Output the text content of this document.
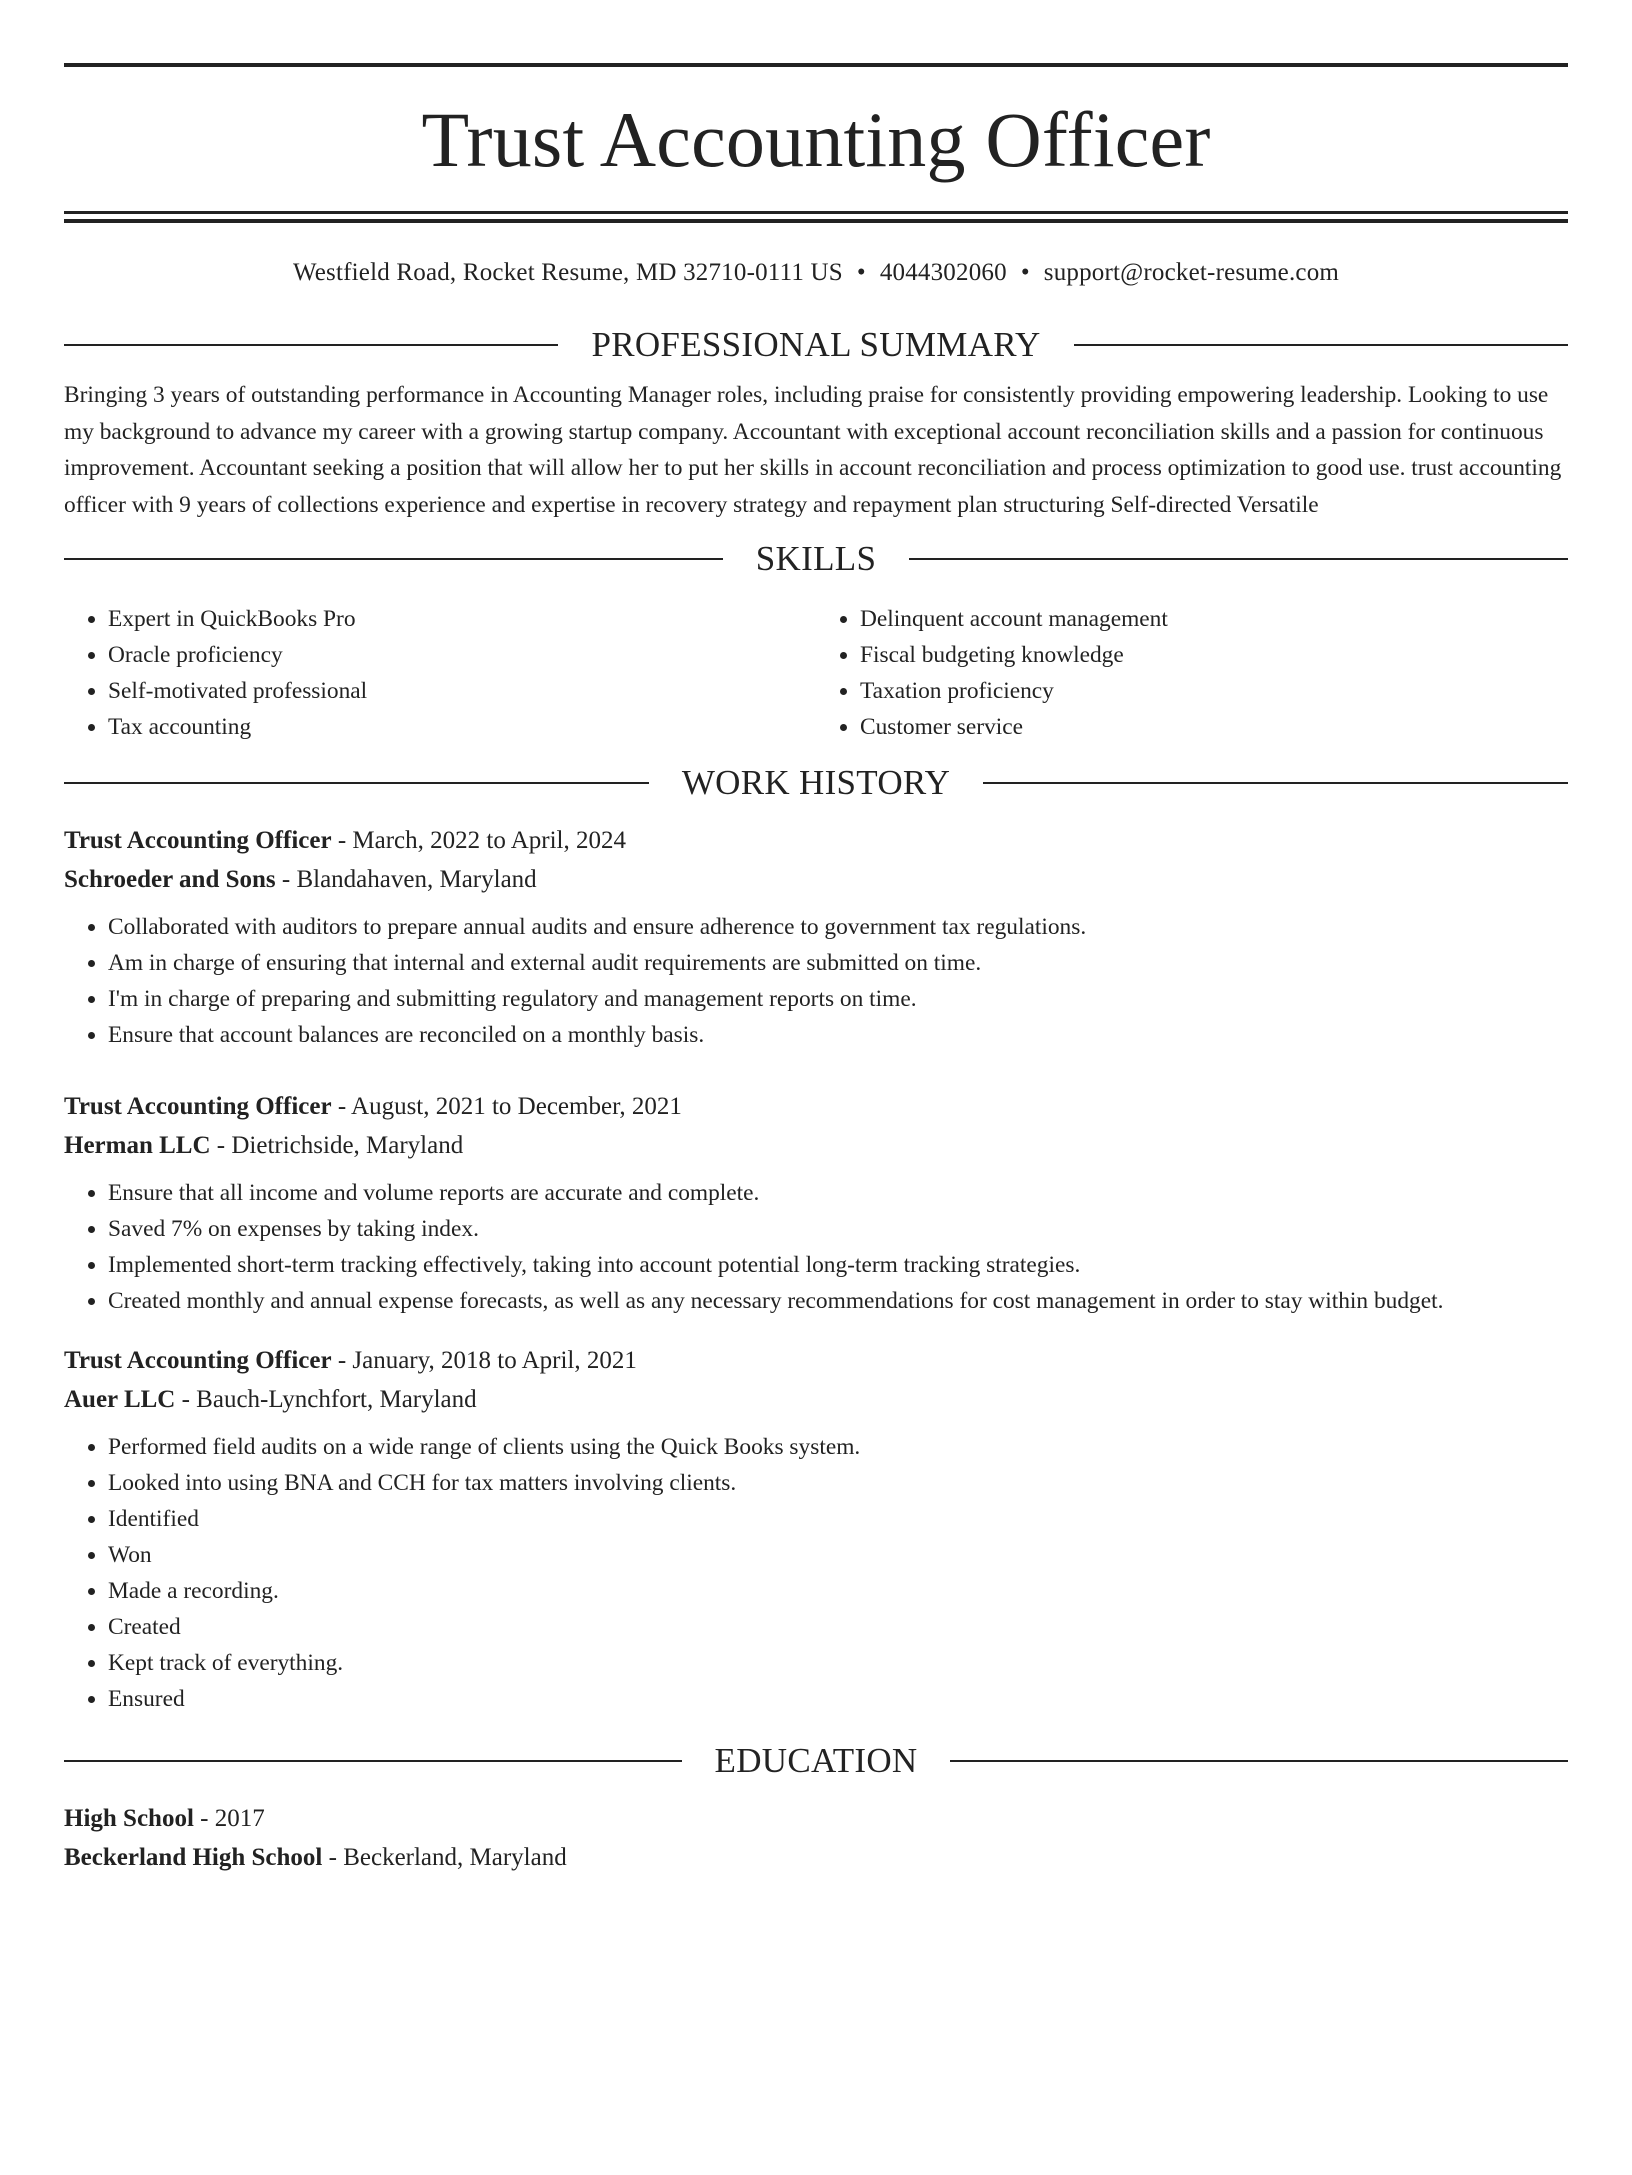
Trust Accounting Officer
Westfield Road, Rocket Resume, MD 32710-0111 US • 4044302060 • support@rocket-resume.com
PROFESSIONAL SUMMARY

Bringing 3 years of outstanding performance in Accounting Manager roles, including praise for consistently providing empowering leadership. Looking to use my background to advance my career with a growing startup company. Accountant with exceptional account reconciliation skills and a passion for continuous improvement. Accountant seeking a position that will allow her to put her skills in account reconciliation and process optimization to good use. trust accounting officer with 9 years of collections experience and expertise in recovery strategy and repayment plan structuring Self-directed Versatile

SKILLS
• Expert in QuickBooks Pro
• Oracle proficiency
• Self-motivated professional
• Tax accounting
• Delinquent account management
• Fiscal budgeting knowledge
• Taxation proficiency
• Customer service
WORK HISTORY
Trust Accounting Officer - March, 2022 to April, 2024
Schroeder and Sons - Blandahaven, Maryland
• Collaborated with auditors to prepare annual audits and ensure adherence to government tax regulations.
• Am in charge of ensuring that internal and external audit requirements are submitted on time.
• I'm in charge of preparing and submitting regulatory and management reports on time.
• Ensure that account balances are reconciled on a monthly basis.
Trust Accounting Officer - August, 2021 to December, 2021
Herman LLC - Dietrichside, Maryland
• Ensure that all income and volume reports are accurate and complete.
• Saved 7% on expenses by taking index.
• Implemented short-term tracking effectively, taking into account potential long-term tracking strategies.
• Created monthly and annual expense forecasts, as well as any necessary recommendations for cost management in order to stay within budget.
Trust Accounting Officer - January, 2018 to April, 2021
Auer LLC - Bauch-Lynchfort, Maryland
• Performed field audits on a wide range of clients using the Quick Books system.
• Looked into using BNA and CCH for tax matters involving clients.
• Identified
• Won
• Made a recording.
• Created
• Kept track of everything.
• Ensured
EDUCATION
High School - 2017
Beckerland High School - Beckerland, Maryland
